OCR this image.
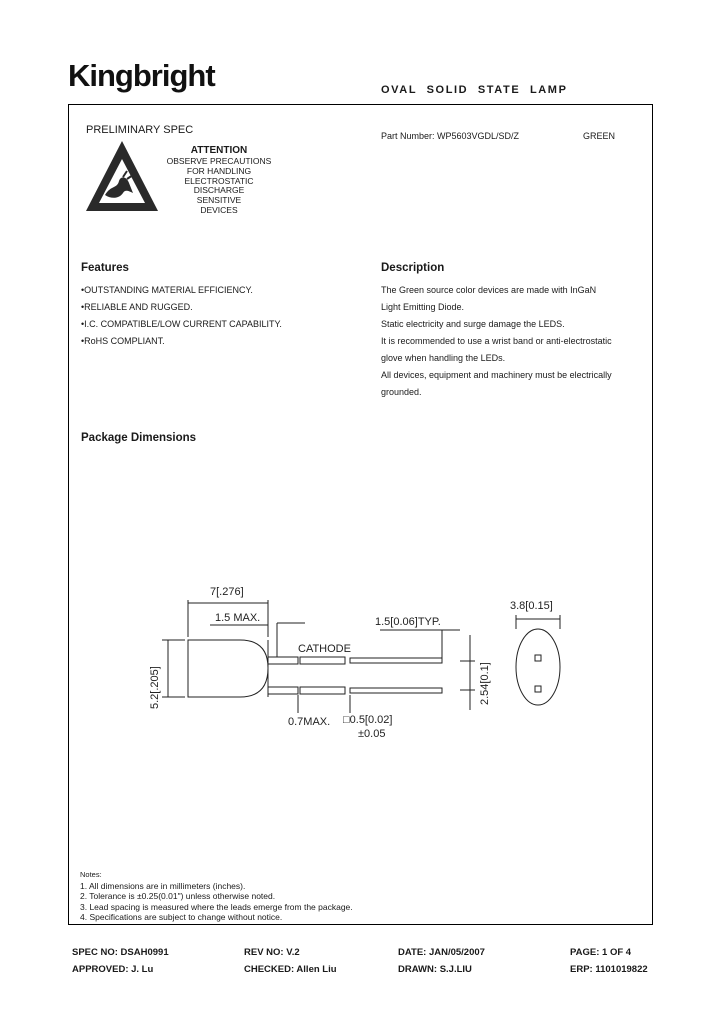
Kingbright	OVAL SOLID STATE LAMP
PRELIMINARY SPEC
ATTENTION
OBSERVE PRECAUTIONS
FOR HANDLING
ELECTROSTATIC
DISCHARGE
SENSITIVE
DEVICES
Part Number: WP5603VGDL/SD/Z	GREEN
Features
•OUTSTANDING MATERIAL EFFICIENCY.
•RELIABLE AND RUGGED.
•I.C. COMPATIBLE/LOW CURRENT CAPABILITY.
•RoHS COMPLIANT.
Description
The Green source color devices are made with InGaN
Light Emitting Diode.
Static electricity and surge damage the LEDS.
It is recommended to use a wrist band or anti-electrostatic
glove when handling the LEDs.
All devices, equipment and machinery must be electrically
grounded.
Package Dimensions
7[.276]
1.5 MAX.	1.5[0.06]TYP.
3.8[0.15]
CATHODE
0.7MAX. □0.5[0.02]
±0.05
5.2[.205]	2.54[0.1]
Notes:
1. All dimensions are in millimeters (inches).
2. Tolerance is ±0.25(0.01") unless otherwise noted.
3. Lead spacing is measured where the leads emerge from the package.
4. Specifications are subject to change without notice.
SPEC NO: DSAH0991	REV NO: V.2	DATE: JAN/05/2007	PAGE: 1 OF 4
APPROVED: J. Lu	CHECKED: Allen Liu	DRAWN: S.J.LIU	ERP: 1101019822
